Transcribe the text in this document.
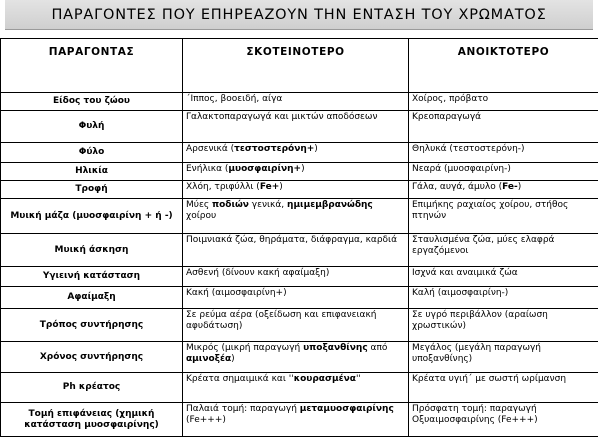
ΠΑΡΑΓΟΝΤΕΣ ΠΟΥ ΕΠΗΡΕΑΖΟΥΝ ΤΗΝ ΕΝΤΑΣΗ ΤΟΥ ΧΡΩΜΑΤΟΣ
ΠΑΡΑΓΟΝΤΑΣ	ΣΚΟΤΕΙΝΟΤΕΡΟ	ΑΝΟΙΚΤΟΤΕΡΟ
Είδος του ζώου	΄Ιππος, βοοειδή, αίγα	Χοίρος, πρόβατο
Φυλή	Γαλακτοπαραγωγά και μικτών αποδόσεων	Κρεοπαραγωγά
Φύλο	Αρσενικά (τεστοστερόνη+)	Θηλυκά (τεστοστερόνη-)
Ηλικία	Ενήλικα (μυοσφαιρίνη+)	Νεαρά (μυοσφαιρίνη-)
Τροφή	Χλόη, τριφύλλι (Fe+)	Γάλα, αυγά, άμυλο (Fe-)
Μυική μάζα (μυοσφαιρίνη + ή -)	Μύες ποδιών γενικά, ημιμεμβρανώδης χοίρου	Επιμήκης ραχιαίος χοίρου, στήθος πτηνών
Μυική άσκηση	Ποιμνιακά ζώα, θηράματα, διάφραγμα, καρδιά	Σταυλισμένα ζώα, μύες ελαφρά εργαζόμενοι
Υγιεινή κατάσταση	Ασθενή (δίνουν κακή αφαίμαξη)	Ισχνά και αναιμικά ζώα
Αφαίμαξη	Κακή (αιμοσφαιρίνη+)	Καλή (αιμοσφαιρίνη-)
Τρόπος συντήρησης	Σε ρεύμα αέρα (οξείδωση και επιφανειακή αφυδάτωση)	Σε υγρό περιβάλλον (αραίωση χρωστικών)
Χρόνος συντήρησης	Μικρός (μικρή παραγωγή υποξανθίνης από αμινοξέα)	Μεγάλος (μεγάλη παραγωγή υποξανθίνης)
Ph κρέατος	Κρέατα σημαιμικά και ''κουρασμένα''	Κρέατα υγιή΄ με σωστή ωρίμανση
Τομή επιφάνειας (χημική κατάσταση μυοσφαιρίνης)	Παλαιά τομή: παραγωγή μεταμυοσφαιρίνης (Fe+++)	Πρόσφατη τομή: παραγωγή Οξυαιμοσφαιρίνης (Fe+++)
